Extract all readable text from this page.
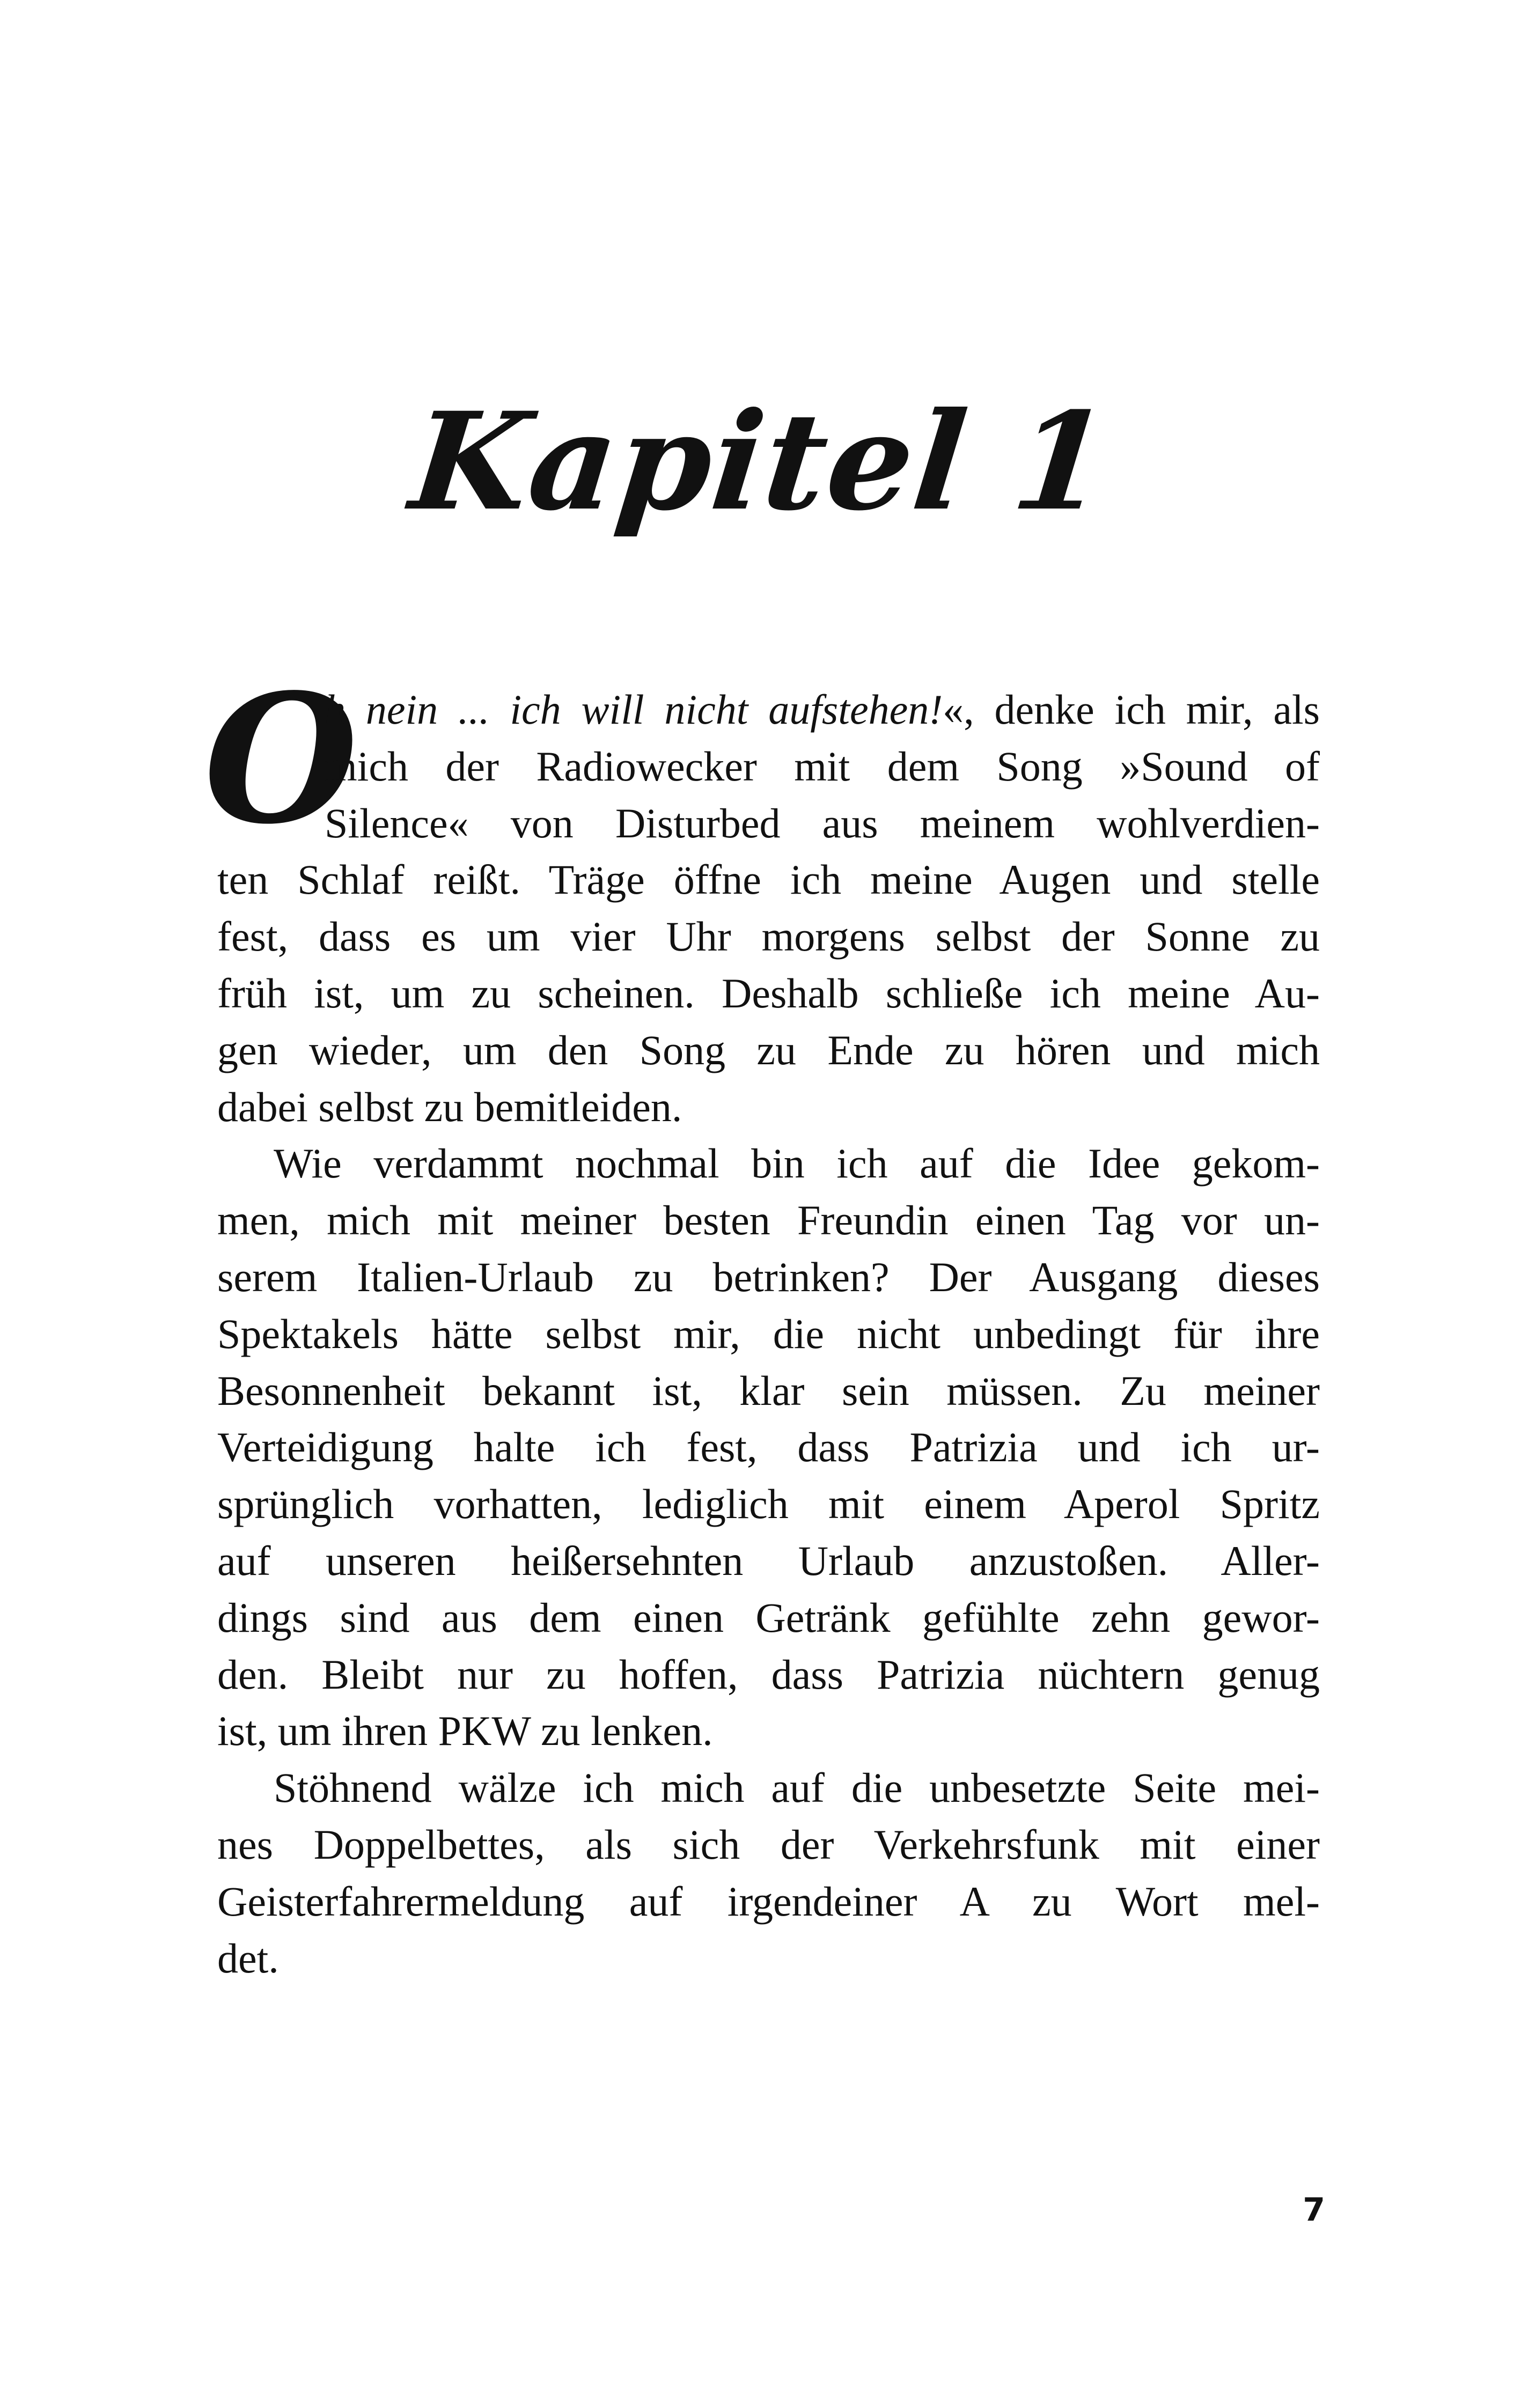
Kapitel 1
O
h nein ... ich will nicht aufstehen!«, denke ich mir, als
mich der Radiowecker mit dem Song »Sound of
Silence« von Disturbed aus meinem wohlverdien-
ten Schlaf reißt. Träge öffne ich meine Augen und stelle
fest, dass es um vier Uhr morgens selbst der Sonne zu
früh ist, um zu scheinen. Deshalb schließe ich meine Au-
gen wieder, um den Song zu Ende zu hören und mich
dabei selbst zu bemitleiden.
Wie verdammt nochmal bin ich auf die Idee gekom-
men, mich mit meiner besten Freundin einen Tag vor un-
serem Italien-Urlaub zu betrinken? Der Ausgang dieses
Spektakels hätte selbst mir, die nicht unbedingt für ihre
Besonnenheit bekannt ist, klar sein müssen. Zu meiner
Verteidigung halte ich fest, dass Patrizia und ich ur-
sprünglich vorhatten, lediglich mit einem Aperol Spritz
auf unseren heißersehnten Urlaub anzustoßen. Aller-
dings sind aus dem einen Getränk gefühlte zehn gewor-
den. Bleibt nur zu hoffen, dass Patrizia nüchtern genug
ist, um ihren PKW zu lenken.
Stöhnend wälze ich mich auf die unbesetzte Seite mei-
nes Doppelbettes, als sich der Verkehrsfunk mit einer
Geisterfahrermeldung auf irgendeiner A zu Wort mel-
det.
7
